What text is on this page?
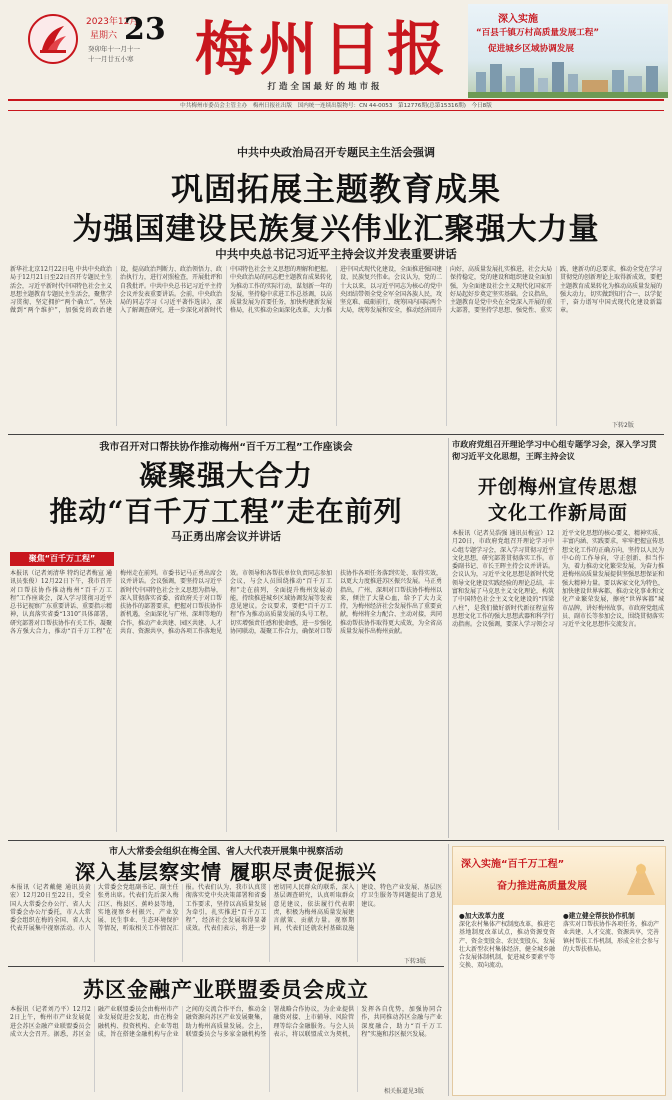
2023年12月
星期六 23
癸卯年十一月十一
十一月廿五小寒 梅州日报
打造全国最好的地市报
深入实施
“百县千镇万村高质量发展工程”
促进城乡区域协调发展
中共梅州市委员会主管主办　梅州日报社出版　国内统一连续出版物号：CN 44-0053　第12776期(总第15316期)　今日8版
中共中央政治局召开专题民主生活会强调
巩固拓展主题教育成果
为强国建设民族复兴伟业汇聚强大力量
中共中央总书记习近平主持会议并发表重要讲话
新华社北京12月22日电 中共中央政治局于12月21日至22日召开专题民主生活会，习近平新时代中国特色社会主义思想主题教育专题民主生活会，聚焦学习贯彻、坚定拥护“两个确立”、坚决做到“两个维护”，加强党的政治建设，提高政治判断力、政治领悟力、政治执行力，进行对照检查，开展批评和自我批评。中共中央总书记习近平主持会议并发表重要讲话。会前，中央政治局的同志学习《习近平著作选读》，深入了解调查研究，进一步深化对新时代中国特色社会主义思想的理解和把握。中央政治局的同志把主题教育成果转化为推动工作的实际行动，谋划新一年的发展，坚持稳中求进工作总基调，以高质量发展为首要任务，加快构建新发展格局，扎实推动全面深化改革，大力推进中国式现代化建设，全面推进强国建设、民族复兴伟业。会议认为，党的二十大以来，以习近平同志为核心的党中央团结带领全党全军全国各族人民，攻坚克难、砥砺前行，统筹国内国际两个大局，统筹发展和安全，推动经济回升向好，高质量发展扎实推进，社会大局保持稳定，党的建设和组织建设全面加强，为全面建设社会主义现代化国家开好局起好步奠定坚实基础。会议指出，主题教育是党中央在全党深入开展的重大部署，要坚持学思想、强党性、重实践、建新功的总要求，推动全党在学习贯彻党的创新理论上取得新成效，要把主题教育成果转化为推动高质量发展的强大动力，切实做到知行合一、以学促干，奋力谱写中国式现代化建设新篇章。
下转2版
我市召开对口帮扶协作推动梅州“百千万工程”工作座谈会
凝聚强大合力
推动“百千万工程”走在前列
马正勇出席会议并讲话
聚焦“百千万工程”
本报讯（记者刘清华 特约记者梅宣 通讯员张俊）12月22日下午，我市召开对口帮扶协作推动梅州“百千万工程”工作座谈会，深入学习贯彻习近平总书记视察广东重要讲话、重要指示精神，认真落实省委“1310”具体部署，研究部署对口帮扶协作有关工作，凝聚各方强大合力，推动“百千万工程”在梅州走在前列。市委书记马正勇出席会议并讲话。会议强调，要坚持以习近平新时代中国特色社会主义思想为指导，深入贯彻落实省委、省政府关于对口帮扶协作的部署要求，把握对口帮扶协作新机遇，全面深化与广州、深圳等地的合作，推动产业共建、园区共建、人才共育、资源共享，推动各项工作落地见效。市领导和各帮扶单位负责同志参加会议，与会人员围绕推动“百千万工程”走在前列，全面提升梅州发展动能，持续推进城乡区域协调发展等发表意见建议。会议要求，要把“百千万工程”作为推动高质量发展的头号工程，切实增强责任感和使命感，进一步强化协同联动，凝聚工作合力，确保对口帮扶协作各项任务落到实处、取得实效，以更大力度推进苏区振兴发展。马正勇指出，广州、深圳对口帮扶协作梅州以来，倾注了大量心血，给予了大力支持，为梅州经济社会发展作出了重要贡献，梅州将全力配合、主动对接，共同推动帮扶协作取得更大成效，为全省高质量发展作出梅州贡献。
市政府党组召开理论学习中心组专题学习会，深入学习贯彻习近平文化思想，王晖主持会议
开创梅州宣传思想
文化工作新局面
本报讯（记者吴浩强 通讯员梅宣）12月20日，市政府党组召开理论学习中心组专题学习会，深入学习贯彻习近平文化思想，研究部署贯彻落实工作。市委副书记、市长王晖主持会议并讲话。会议认为，习近平文化思想是新时代党领导文化建设实践经验的理论总结，丰富和发展了马克思主义文化理论，构筑了中国特色社会主义文化建设的“四梁八柱”，是我们做好新时代新征程宣传思想文化工作的强大思想武器和科学行动指南。会议强调，要深入学习领会习近平文化思想的核心要义、精神实质、丰富内涵、实践要求，牢牢把握宣传思想文化工作的正确方向，坚持以人民为中心的工作导向，守正创新、担当作为，着力推动文化繁荣发展，为奋力推进梅州高质量发展提供坚强思想保证和强大精神力量。要以客家文化为特色，加快建设世界客都，推动文化事业和文化产业繁荣发展，擦亮“世界客都”城市品牌，讲好梅州故事。市政府党组成员、副市长等参加会议，围绕贯彻落实习近平文化思想作交流发言。
市人大常委会组织在梅全国、省人大代表开展集中视察活动
深入基层察实情 履职尽责促振兴
本报讯（记者戴健 通讯员黄宏）12月20日至22日，受全国人大常委会办公厅、省人大常委会办公厅委托，市人大常委会组织在梅的全国、省人大代表开展集中视察活动。市人大常委会党组副书记、副主任张勇出席。代表们先后深入梅江区、梅县区、蕉岭县等地，实地视察乡村振兴、产业发展、民生事业、生态环境保护等情况，听取相关工作情况汇报。代表们认为，我市认真贯彻落实党中央决策部署和省委工作要求，坚持以高质量发展为牵引，扎实推进“百千万工程”，经济社会发展取得显著成效。代表们表示，将进一步密切同人民群众的联系，深入基层调查研究，认真听取群众意见建议，依法履行代表职责，积极为梅州高质量发展建言献策、贡献力量。视察期间，代表们还就农村基础设施建设、特色产业发展、基层医疗卫生服务等问题提出了意见建议。
下转3版
苏区金融产业联盟委员会成立
本报讯（记者刘乃平）12月22日上午，梅州市产业发展促进会苏区金融产业联盟委员会成立大会召开。据悉，苏区金融产业联盟委员会由梅州市产业发展促进会发起，由在梅金融机构、投资机构、企业等组成，旨在搭建金融机构与企业之间的交流合作平台，推动金融资源向苏区产业发展聚集，助力梅州高质量发展。会上，联盟委员会与多家金融机构签署战略合作协议，为企业提供融资对接、上市辅导、风险管理等综合金融服务。与会人员表示，将以联盟成立为契机，发挥各自优势，加强协同合作，共同推动苏区金融与产业深度融合，助力“百千万工程”实施和苏区振兴发展。
相关报道见3版
深入实施“百千万工程”
奋力推进高质量发展
●加大改革力度
深化农村集体产权制度改革，推进宅基地制度改革试点，推动资源变资产、资金变股金、农民变股东，发展壮大新型农村集体经济，健全城乡融合发展体制机制，促进城乡要素平等交换、双向流动。
●建立健全帮扶协作机制
落实对口帮扶协作各项任务，推动产业共建、人才交流、资源共享，完善镇村帮扶工作机制，形成全社会参与的大帮扶格局。
